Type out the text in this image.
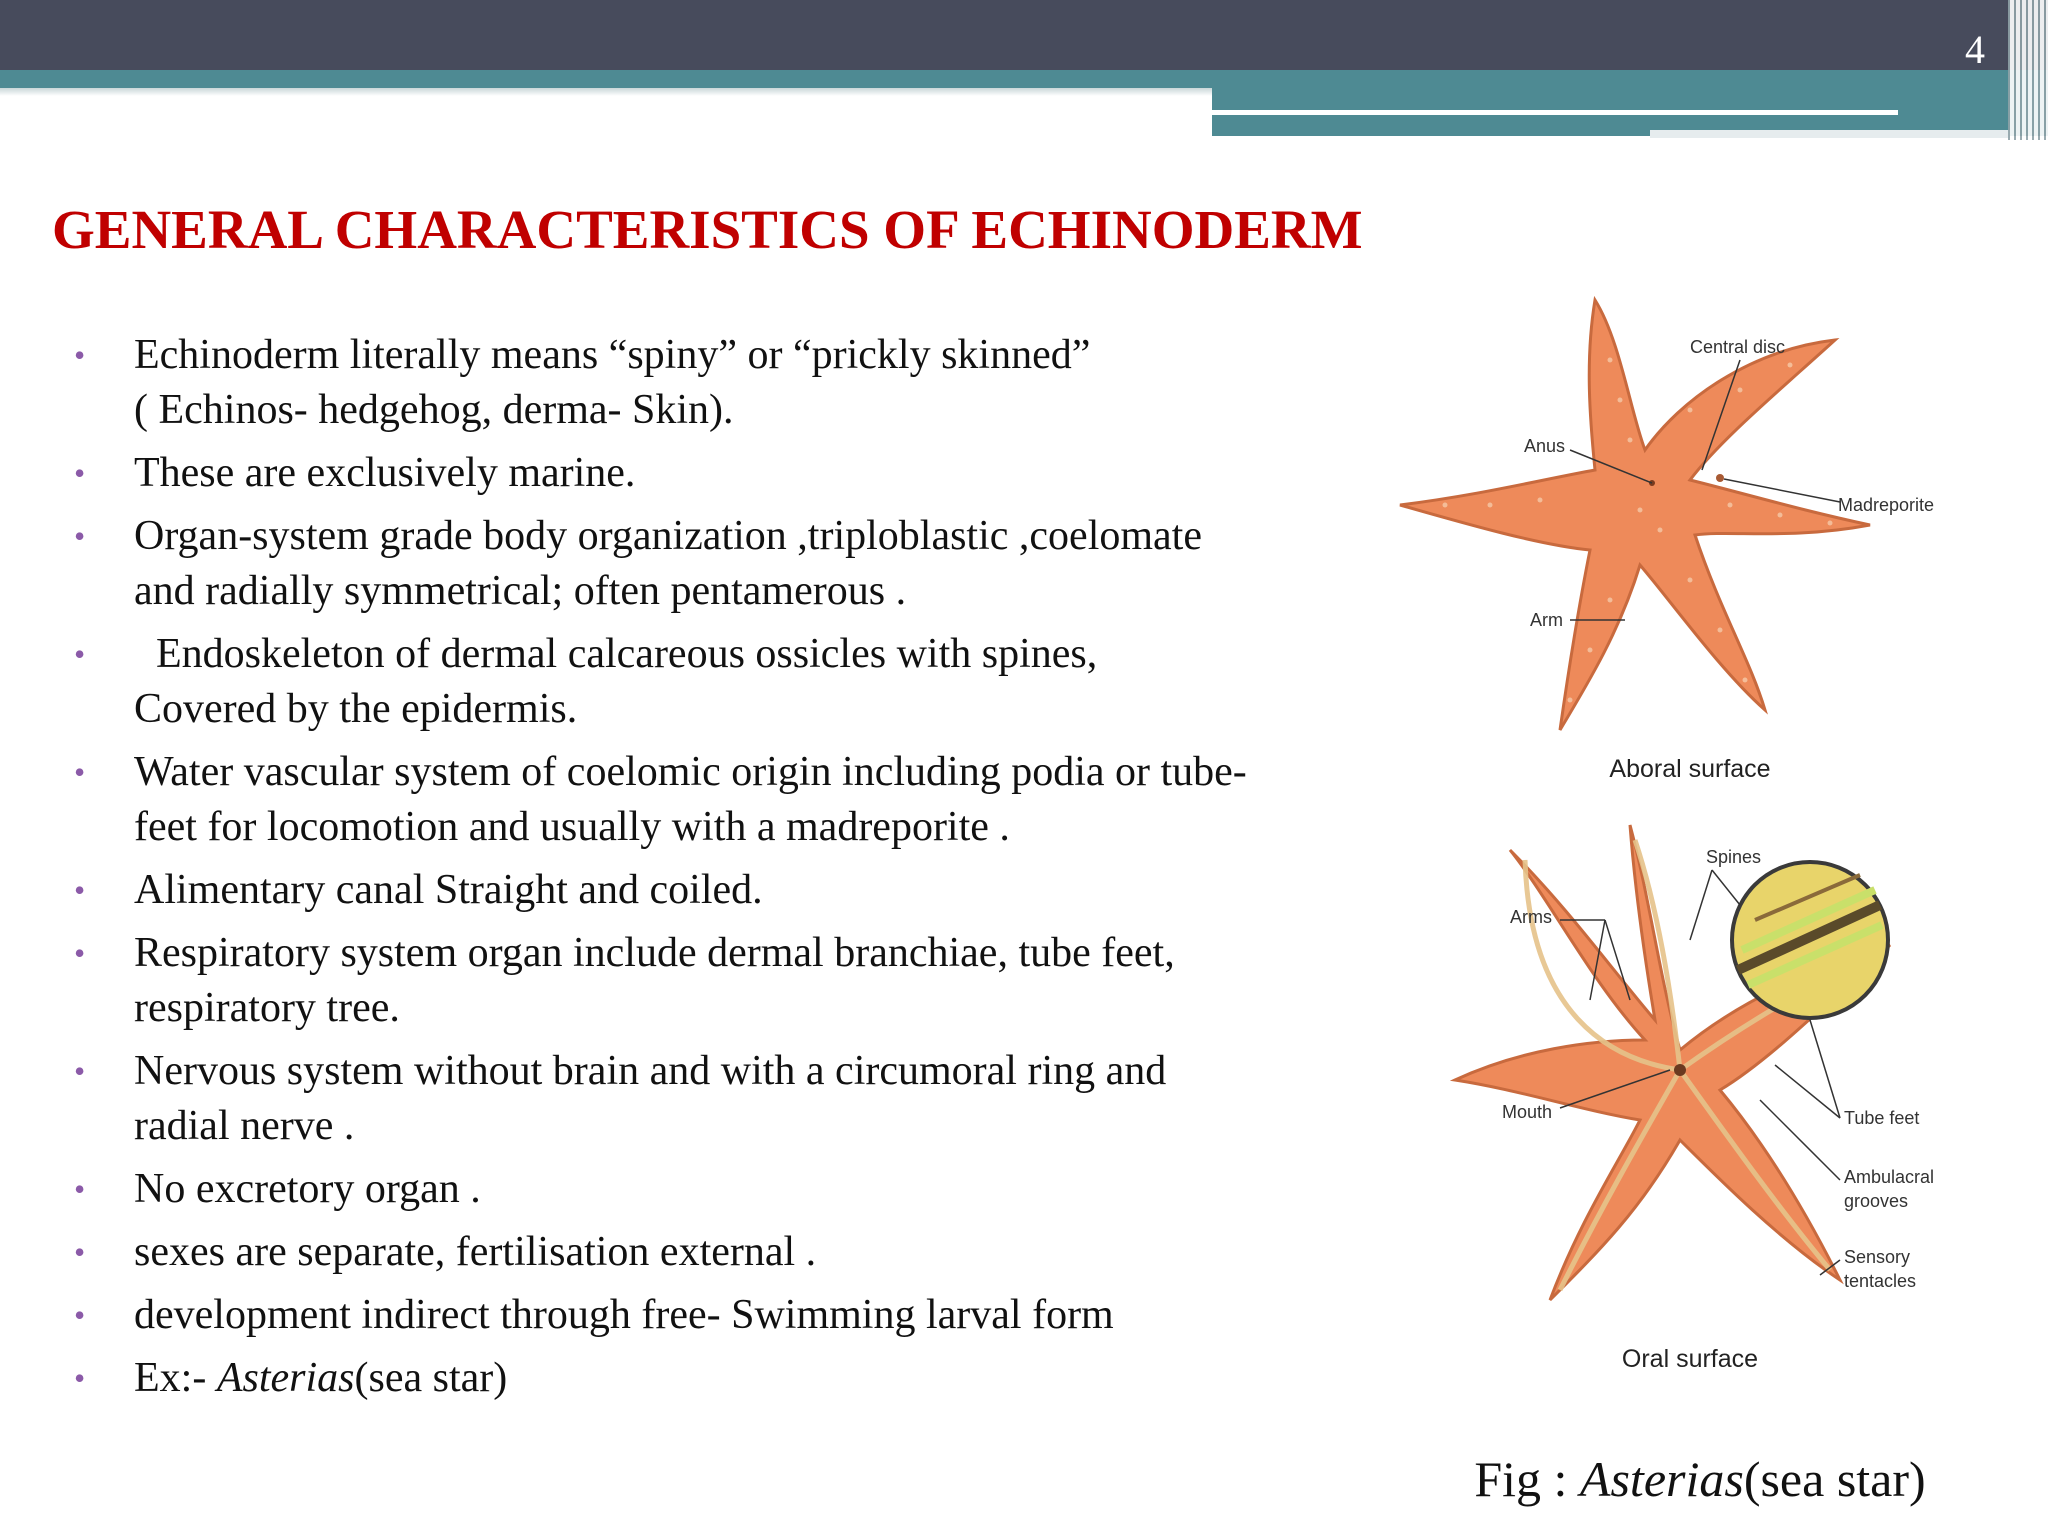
4
GENERAL CHARACTERISTICS OF ECHINODERM
• Echinoderm literally means “spiny” or “prickly skinned”
( Echinos- hedgehog, derma- Skin).
• These are exclusively marine.
• Organ-system grade body organization ,triploblastic ,coelomate
and radially symmetrical; often pentamerous .
• Endoskeleton of dermal calcareous ossicles with spines,
Covered by the epidermis.
• Water vascular system of coelomic origin including podia or tube-
feet for locomotion and usually with a madreporite .
• Alimentary canal Straight and coiled.
• Respiratory system organ include dermal branchiae, tube feet,
respiratory tree.
• Nervous system without brain and with a circumoral ring and
radial nerve .
• No excretory organ .
• sexes are separate, fertilisation external .
• development indirect through free- Swimming larval form
• Ex:- Asterias(sea star)
Central disc
Anus
Madreporite
Arm
Aboral surface
Spines
Arms
Mouth	Tube feet
Ambulacral
grooves
Sensory
tentacles
Oral surface
Fig : Asterias(sea star)
